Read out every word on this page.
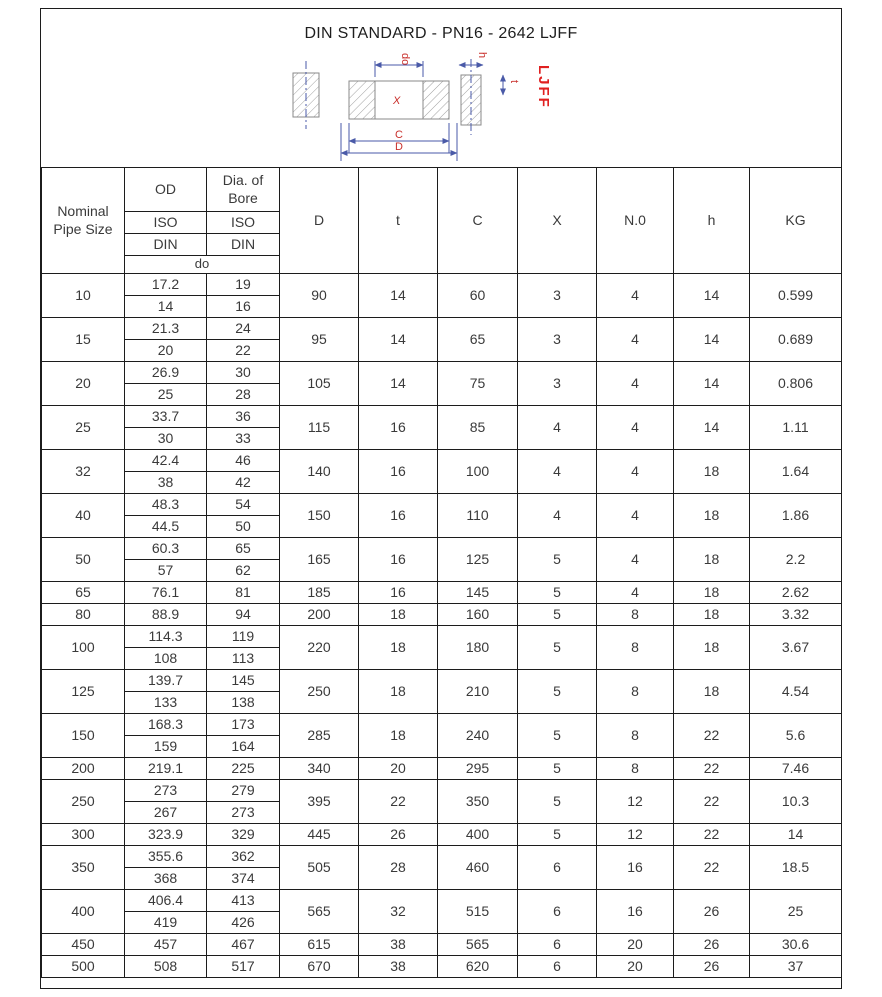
DIN STANDARD - PN16 - 2642 LJFF
do
X
h
t
C
D
LJFF
Nominal Pipe Size	OD	Dia. of Bore	D	t	C	X	N.0	h	KG
	ISO	ISO							
	DIN	DIN							
	do								
10	17.2	19	90	14	60	3	4	14	0.599
	14	16							
15	21.3	24	95	14	65	3	4	14	0.689
	20	22							
20	26.9	30	105	14	75	3	4	14	0.806
	25	28							
25	33.7	36	115	16	85	4	4	14	1.11
	30	33							
32	42.4	46	140	16	100	4	4	18	1.64
	38	42							
40	48.3	54	150	16	110	4	4	18	1.86
	44.5	50							
50	60.3	65	165	16	125	5	4	18	2.2
	57	62							
65	76.1	81	185	16	145	5	4	18	2.62
80	88.9	94	200	18	160	5	8	18	3.32
100	114.3	119	220	18	180	5	8	18	3.67
	108	113							
125	139.7	145	250	18	210	5	8	18	4.54
	133	138							
150	168.3	173	285	18	240	5	8	22	5.6
	159	164							
200	219.1	225	340	20	295	5	8	22	7.46
250	273	279	395	22	350	5	12	22	10.3
	267	273							
300	323.9	329	445	26	400	5	12	22	14
350	355.6	362	505	28	460	6	16	22	18.5
	368	374							
400	406.4	413	565	32	515	6	16	26	25
	419	426							
450	457	467	615	38	565	6	20	26	30.6
500	508	517	670	38	620	6	20	26	37
